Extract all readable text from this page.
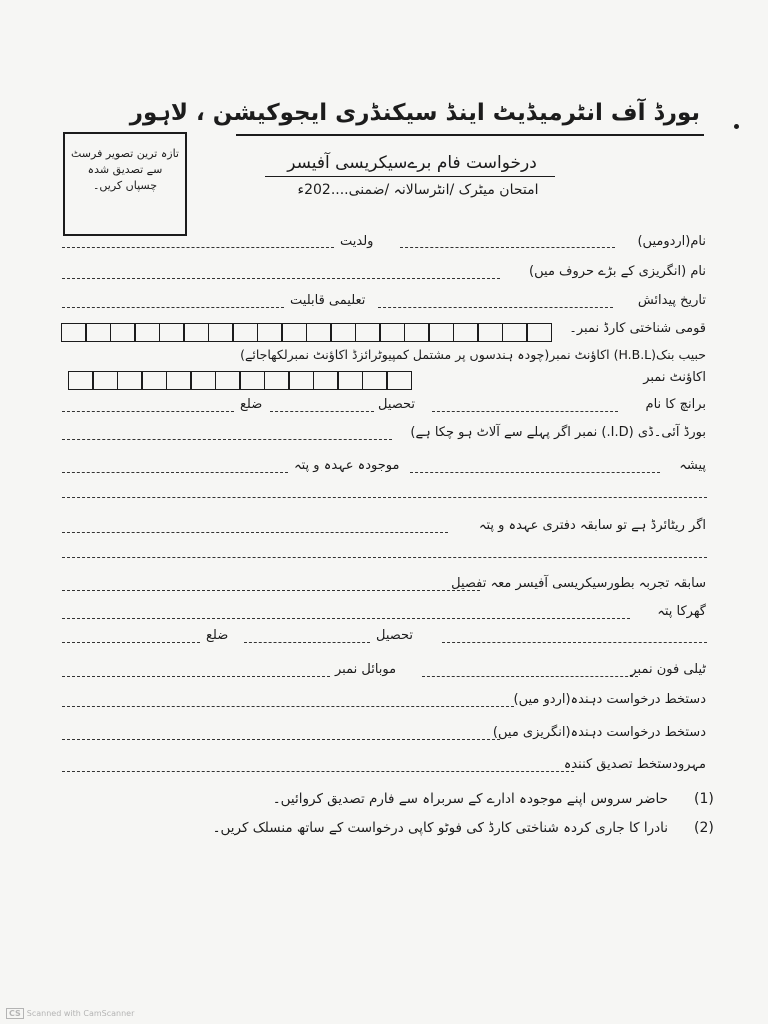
بورڈ آف انٹرمیڈیٹ اینڈ سیکنڈری ایجوکیشن ، لاہور
تازہ ترین تصویر فرسٹ
سے تصدیق شدہ
چسپاں کریں۔
درخواست فام برےسیکریسی آفیسر
امتحان میٹرک /انٹرسالانہ /ضمنی....202ء
نام(اردومیں)
ولدیت
نام (انگریزی کے بڑے حروف میں)
تاریخ پیدائش
تعلیمی قابلیت
قومی شناختی کارڈ نمبر۔
حبیب بنک(H.B.L) اکاؤنٹ نمبر(چودہ ہندسوں پر مشتمل کمپیوٹرائزڈ اکاؤنٹ نمبرلکھاجائے)
اکاؤنٹ نمبر
برانچ کا نام
تحصیل
ضلع
بورڈ آئی۔ڈی (I.D.) نمبر اگر پہلے سے آلاٹ ہو چکا ہے)
پیشہ
موجودہ عہدہ و پتہ
اگر ریٹائرڈ ہے تو سابقہ دفتری عہدہ و پتہ
سابقہ تجربہ بطورسیکریسی آفیسر معہ تفصیل
گھرکا پتہ
تحصیل
ضلع
ٹیلی فون نمبر
موبائل نمبر
دستخط درخواست دہندہ(اردو میں)
دستخط درخواست دہندہ(انگریزی میں)
مہرودستخط تصدیق کنندہ
(1)
حاضر سروس اپنے موجودہ ادارے کے سربراہ سے فارم تصدیق کروائیں۔
(2)
نادرا کا جاری کردہ شناختی کارڈ کی فوٹو کاپی درخواست کے ساتھ منسلک کریں۔
CS Scanned with CamScanner
